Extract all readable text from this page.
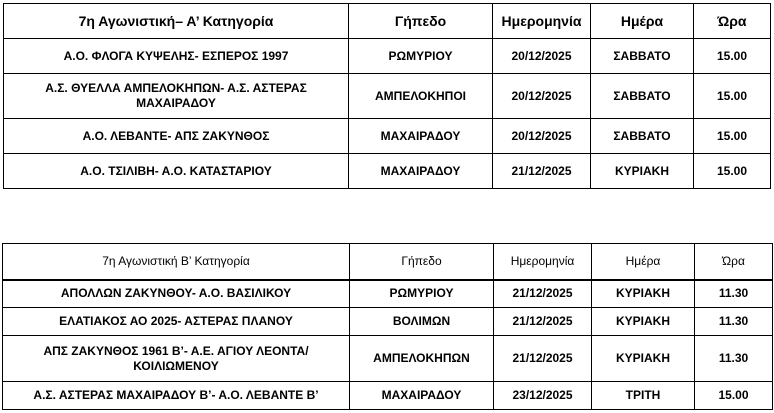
7η Αγωνιστική– Α’ Κατηγορία	Γήπεδο	Ημερομηνία	Ημέρα	Ώρα
Α.Ο. ΦΛΟΓΑ ΚΥΨΕΛΗΣ- ΕΣΠΕΡΟΣ 1997	ΡΩΜΥΡΙΟΥ	20/12/2025	ΣΑΒΒΑΤΟ	15.00
Α.Σ. ΘΥΕΛΛΑ ΑΜΠΕΛΟΚΗΠΩΝ- Α.Σ. ΑΣΤΕΡΑΣ ΜΑΧΑΙΡΑΔΟΥ	ΑΜΠΕΛΟΚΗΠΟΙ	20/12/2025	ΣΑΒΒΑΤΟ	15.00
Α.Ο. ΛΕΒΑΝΤΕ- ΑΠΣ ΖΑΚΥΝΘΟΣ	ΜΑΧΑΙΡΑΔΟΥ	20/12/2025	ΣΑΒΒΑΤΟ	15.00
Α.Ο. ΤΣΙΛΙΒΗ- Α.Ο. ΚΑΤΑΣΤΑΡΙΟΥ	ΜΑΧΑΙΡΑΔΟΥ	21/12/2025	ΚΥΡΙΑΚΗ	15.00
7η Αγωνιστική Β’ Κατηγορία	Γήπεδο	Ημερομηνία	Ημέρα	Ώρα
ΑΠΟΛΛΩΝ ΖΑΚΥΝΘΟΥ- Α.Ο. ΒΑΣΙΛΙΚΟΥ	ΡΩΜΥΡΙΟΥ	21/12/2025	ΚΥΡΙΑΚΗ	11.30
ΕΛΑΤΙΑΚΟΣ ΑΟ 2025- ΑΣΤΕΡΑΣ ΠΛΑΝΟΥ	ΒΟΛΙΜΩΝ	21/12/2025	ΚΥΡΙΑΚΗ	11.30
ΑΠΣ ΖΑΚΥΝΘΟΣ 1961 Β’- Α.Ε. ΑΓΙΟΥ ΛΕΟΝΤΑ/ΚΟΙΛΙΩΜΕΝΟΥ	ΑΜΠΕΛΟΚΗΠΩΝ	21/12/2025	ΚΥΡΙΑΚΗ	11.30
Α.Σ. ΑΣΤΕΡΑΣ ΜΑΧΑΙΡΑΔΟΥ Β’- Α.Ο. ΛΕΒΑΝΤΕ Β’	ΜΑΧΑΙΡΑΔΟΥ	23/12/2025	ΤΡΙΤΗ	15.00
